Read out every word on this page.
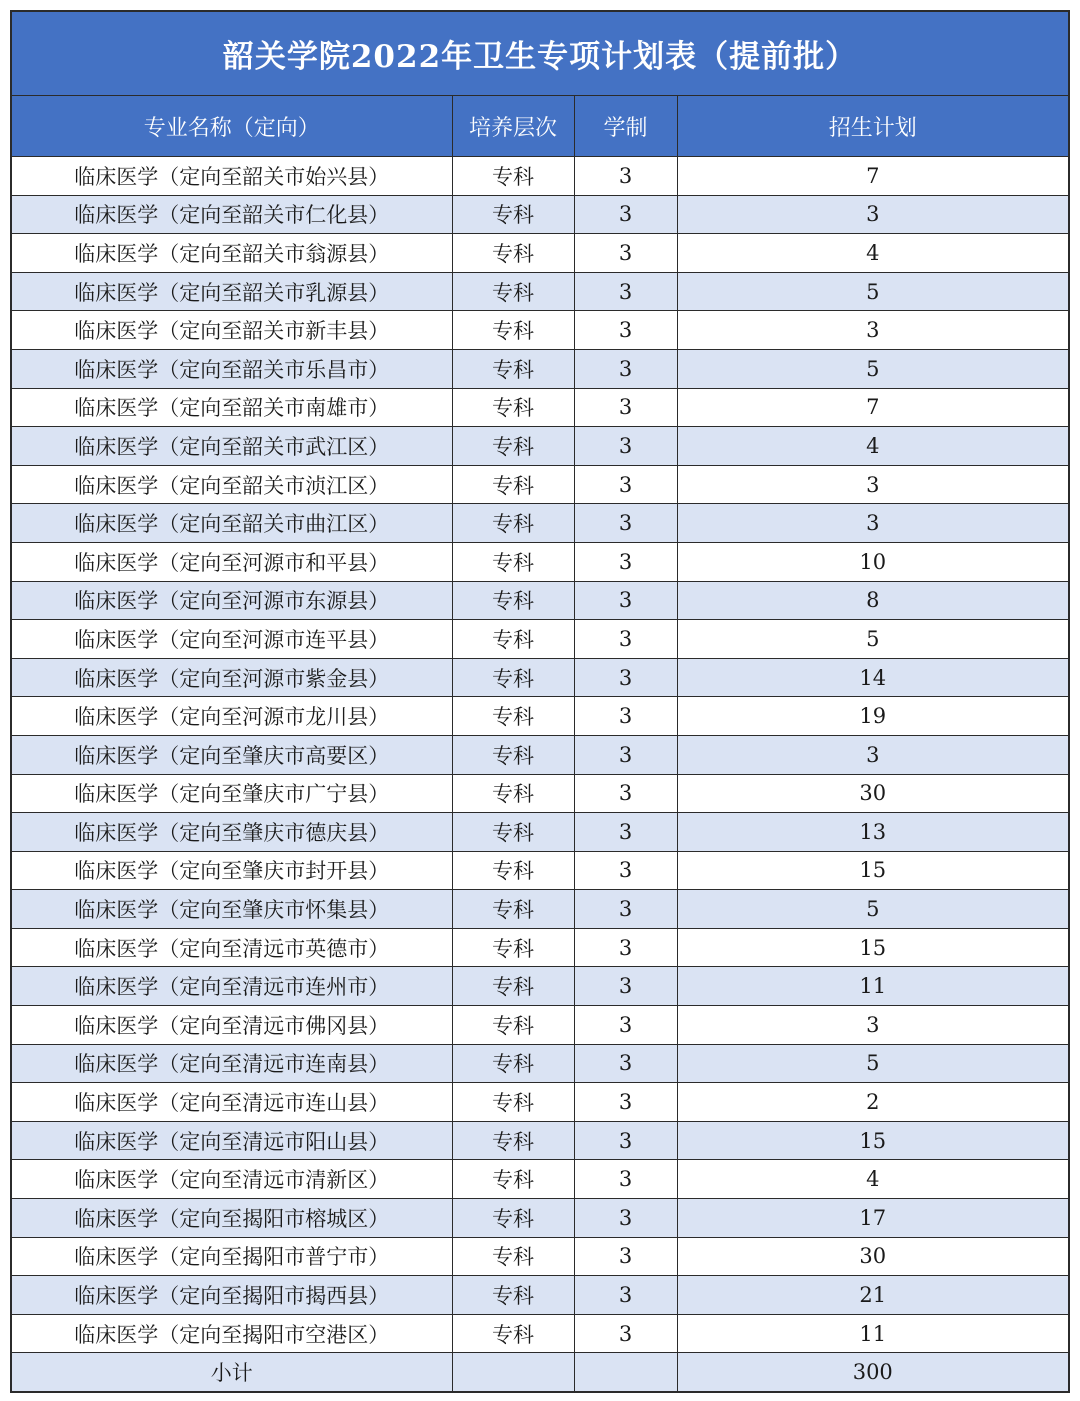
韶关学院2022年卫生专项计划表（提前批）
专业名称（定向）	培养层次	学制	招生计划
临床医学（定向至韶关市始兴县）	专科	3	7
临床医学（定向至韶关市仁化县）	专科	3	3
临床医学（定向至韶关市翁源县）	专科	3	4
临床医学（定向至韶关市乳源县）	专科	3	5
临床医学（定向至韶关市新丰县）	专科	3	3
临床医学（定向至韶关市乐昌市）	专科	3	5
临床医学（定向至韶关市南雄市）	专科	3	7
临床医学（定向至韶关市武江区）	专科	3	4
临床医学（定向至韶关市浈江区）	专科	3	3
临床医学（定向至韶关市曲江区）	专科	3	3
临床医学（定向至河源市和平县）	专科	3	10
临床医学（定向至河源市东源县）	专科	3	8
临床医学（定向至河源市连平县）	专科	3	5
临床医学（定向至河源市紫金县）	专科	3	14
临床医学（定向至河源市龙川县）	专科	3	19
临床医学（定向至肇庆市高要区）	专科	3	3
临床医学（定向至肇庆市广宁县）	专科	3	30
临床医学（定向至肇庆市德庆县）	专科	3	13
临床医学（定向至肇庆市封开县）	专科	3	15
临床医学（定向至肇庆市怀集县）	专科	3	5
临床医学（定向至清远市英德市）	专科	3	15
临床医学（定向至清远市连州市）	专科	3	11
临床医学（定向至清远市佛冈县）	专科	3	3
临床医学（定向至清远市连南县）	专科	3	5
临床医学（定向至清远市连山县）	专科	3	2
临床医学（定向至清远市阳山县）	专科	3	15
临床医学（定向至清远市清新区）	专科	3	4
临床医学（定向至揭阳市榕城区）	专科	3	17
临床医学（定向至揭阳市普宁市）	专科	3	30
临床医学（定向至揭阳市揭西县）	专科	3	21
临床医学（定向至揭阳市空港区）	专科	3	11
小计			300
